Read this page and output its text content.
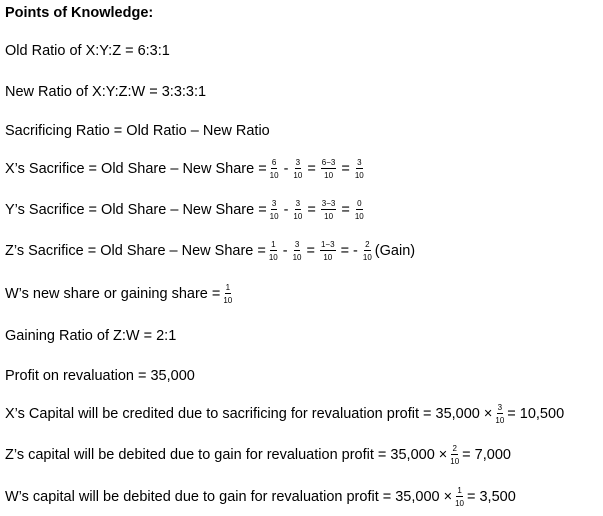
Points of Knowledge:
Old Ratio of X:Y:Z = 6:3:1
New Ratio of X:Y:Z:W = 3:3:3:1
Sacrificing Ratio = Old Ratio – New Ratio
X’s Sacrifice = Old Share – New Share = $\frac{6}{10} - \frac{3}{10} = \frac{6-3}{10} = \frac{3}{10}$
Y’s Sacrifice = Old Share – New Share = $\frac{3}{10} - \frac{3}{10} = \frac{3-3}{10} = \frac{0}{10}$
Z’s Sacrifice = Old Share – New Share = $\frac{1}{10} - \frac{3}{10} = \frac{1-3}{10}$ = - $\frac{2}{10}$ (Gain)
W’s new share or gaining share = $\frac{1}{10}$
Gaining Ratio of Z:W = 2:1
Profit on revaluation = 35,000
X’s Capital will be credited due to sacrificing for revaluation profit = $35,000 \times \frac{3}{10} = 10,500$
Z’s capital will be debited due to gain for revaluation profit = $35,000 \times \frac{2}{10} = 7,000$
W’s capital will be debited due to gain for revaluation profit = $35,000 \times \frac{1}{10} = 3,500$
